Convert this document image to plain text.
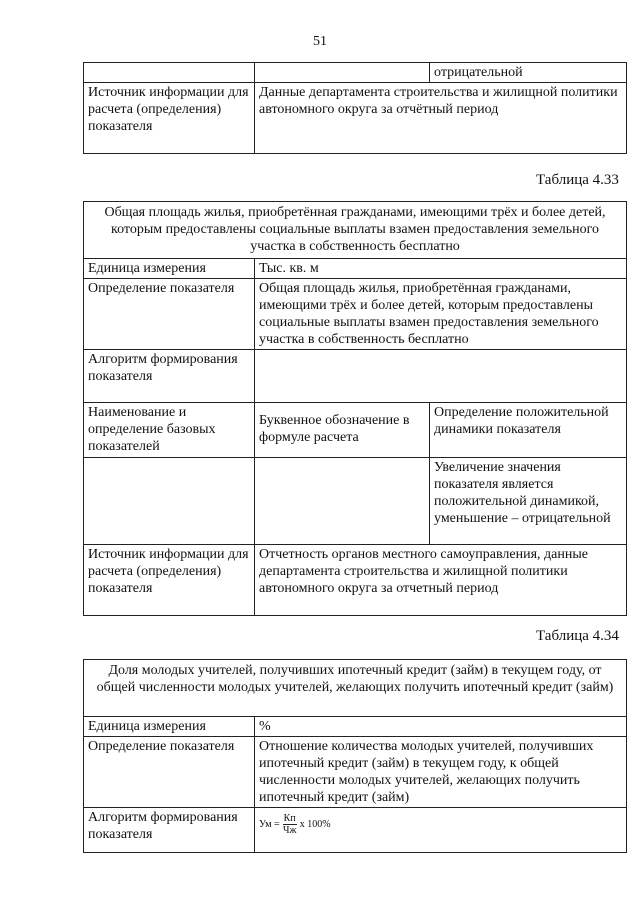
51
		отрицательной
Источник информации для расчета (определения) показателя	Данные департамента строительства и жилищной политики автономного округа за отчётный период	
Таблица 4.33
Общая площадь жилья, приобретённая гражданами, имеющими трёх и более детей, которым предоставлены социальные выплаты взамен предоставления земельного участка в собственность бесплатно		
Единица измерения	Тыс. кв. м	
Определение показателя	Общая площадь жилья, приобретённая гражданами, имеющими трёх и более детей, которым предоставлены социальные выплаты взамен предоставления земельного участка в собственность бесплатно	
Алгоритм формирования показателя		
Наименование и определение базовых показателей	Буквенное обозначение в формуле расчета	Определение положительной динамики показателя
		Увеличение значения показателя является положительной динамикой, уменьшение – отрицательной
Источник информации для расчета (определения) показателя	Отчетность органов местного самоуправления, данные департамента строительства и жилищной политики автономного округа за отчетный период	
Таблица 4.34
Доля молодых учителей, получивших ипотечный кредит (займ) в текущем году, от общей численности молодых учителей, желающих получить ипотечный кредит (займ)	
Единица измерения	%
Определение показателя	Отношение количества молодых учителей, получивших ипотечный кредит (займ) в текущем году, к общей численности молодых учителей, желающих получить ипотечный кредит (займ)
Алгоритм формирования показателя	Ум = $\frac{Кп}{Чж}$ х 100%
